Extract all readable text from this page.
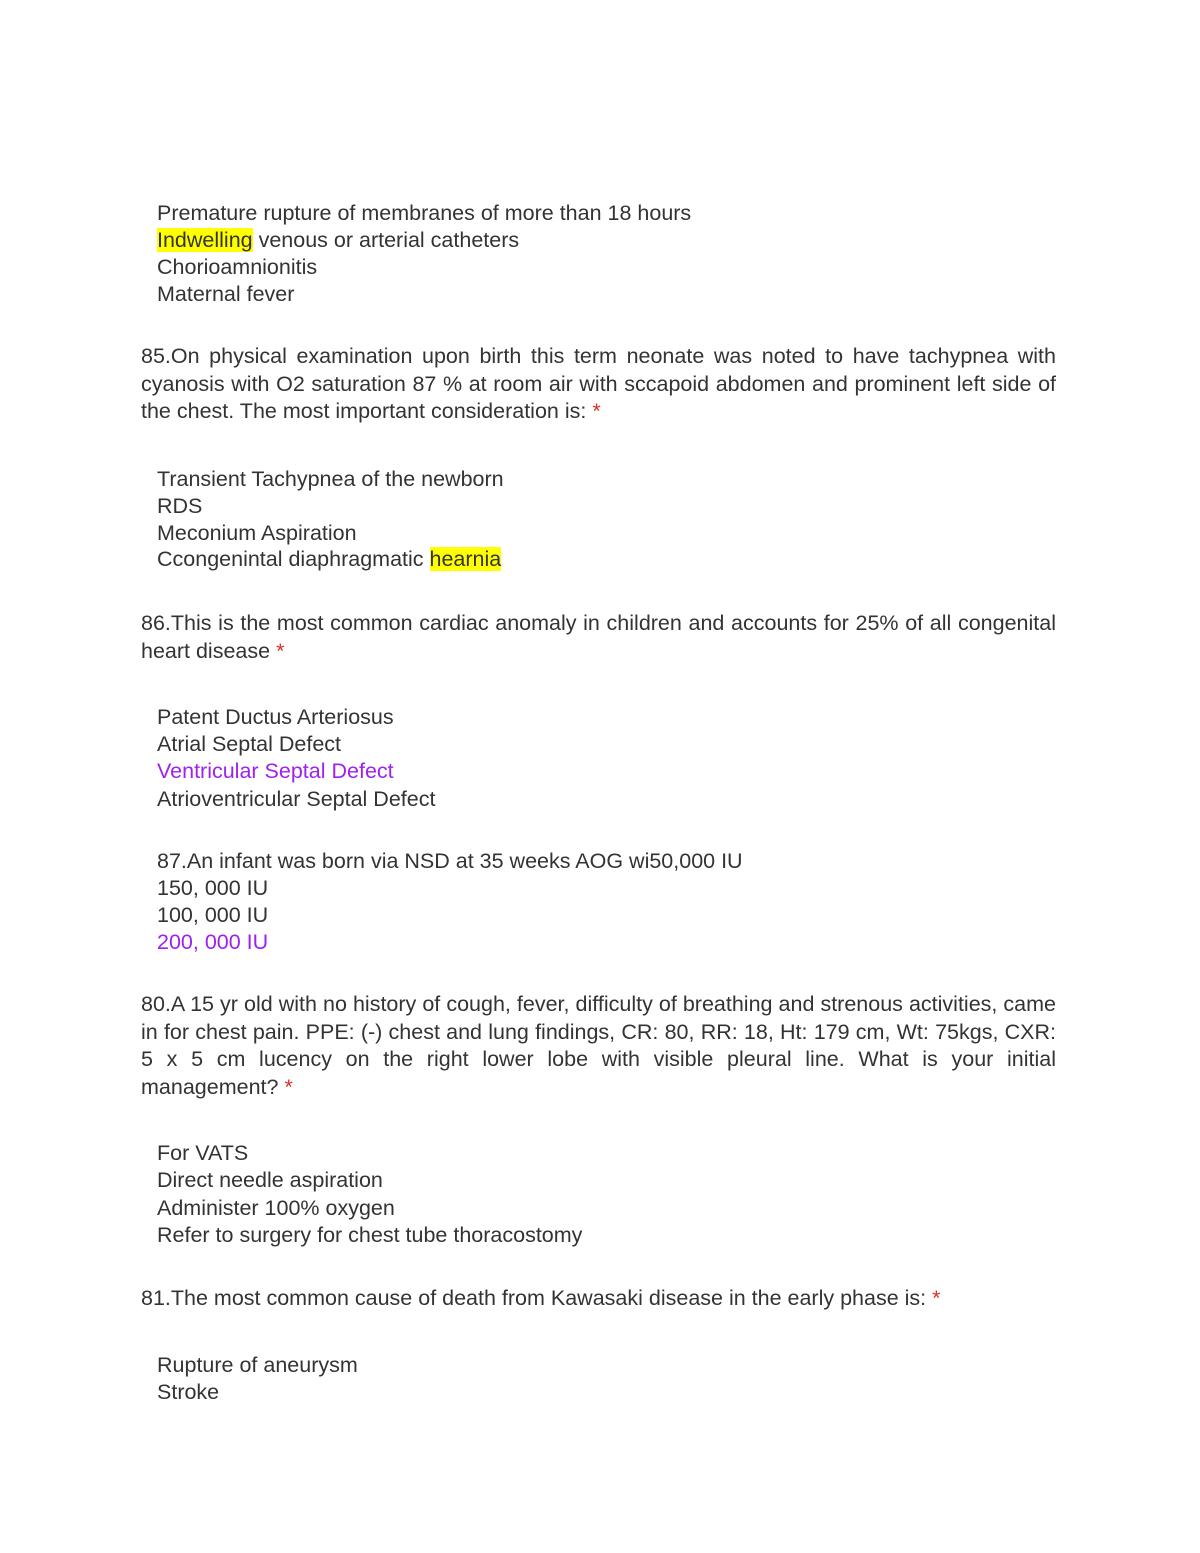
Premature rupture of membranes of more than 18 hours
Indwelling venous or arterial catheters
Chorioamnionitis
Maternal fever
85.On physical examination upon birth this term neonate was noted to have tachypnea with cyanosis with O2 saturation 87 % at room air with sccapoid abdomen and prominent left side of the chest. The most important consideration is: *
Transient Tachypnea of the newborn
RDS
Meconium Aspiration
Ccongenintal diaphragmatic hearnia
86.This is the most common cardiac anomaly in children and accounts for 25% of all congenital heart disease *
Patent Ductus Arteriosus
Atrial Septal Defect
Ventricular Septal Defect
Atrioventricular Septal Defect
87.An infant was born via NSD at 35 weeks AOG wi50,000 IU
150, 000 IU
100, 000 IU
200, 000 IU
80.A 15 yr old with no history of cough, fever, difficulty of breathing and strenous activities, came in for chest pain. PPE: (-) chest and lung findings, CR: 80, RR: 18, Ht: 179 cm, Wt: 75kgs, CXR: 5 x 5 cm lucency on the right lower lobe with visible pleural line. What is your initial management? *
For VATS
Direct needle aspiration
Administer 100% oxygen
Refer to surgery for chest tube thoracostomy
81.The most common cause of death from Kawasaki disease in the early phase is: *
Rupture of aneurysm
Stroke
